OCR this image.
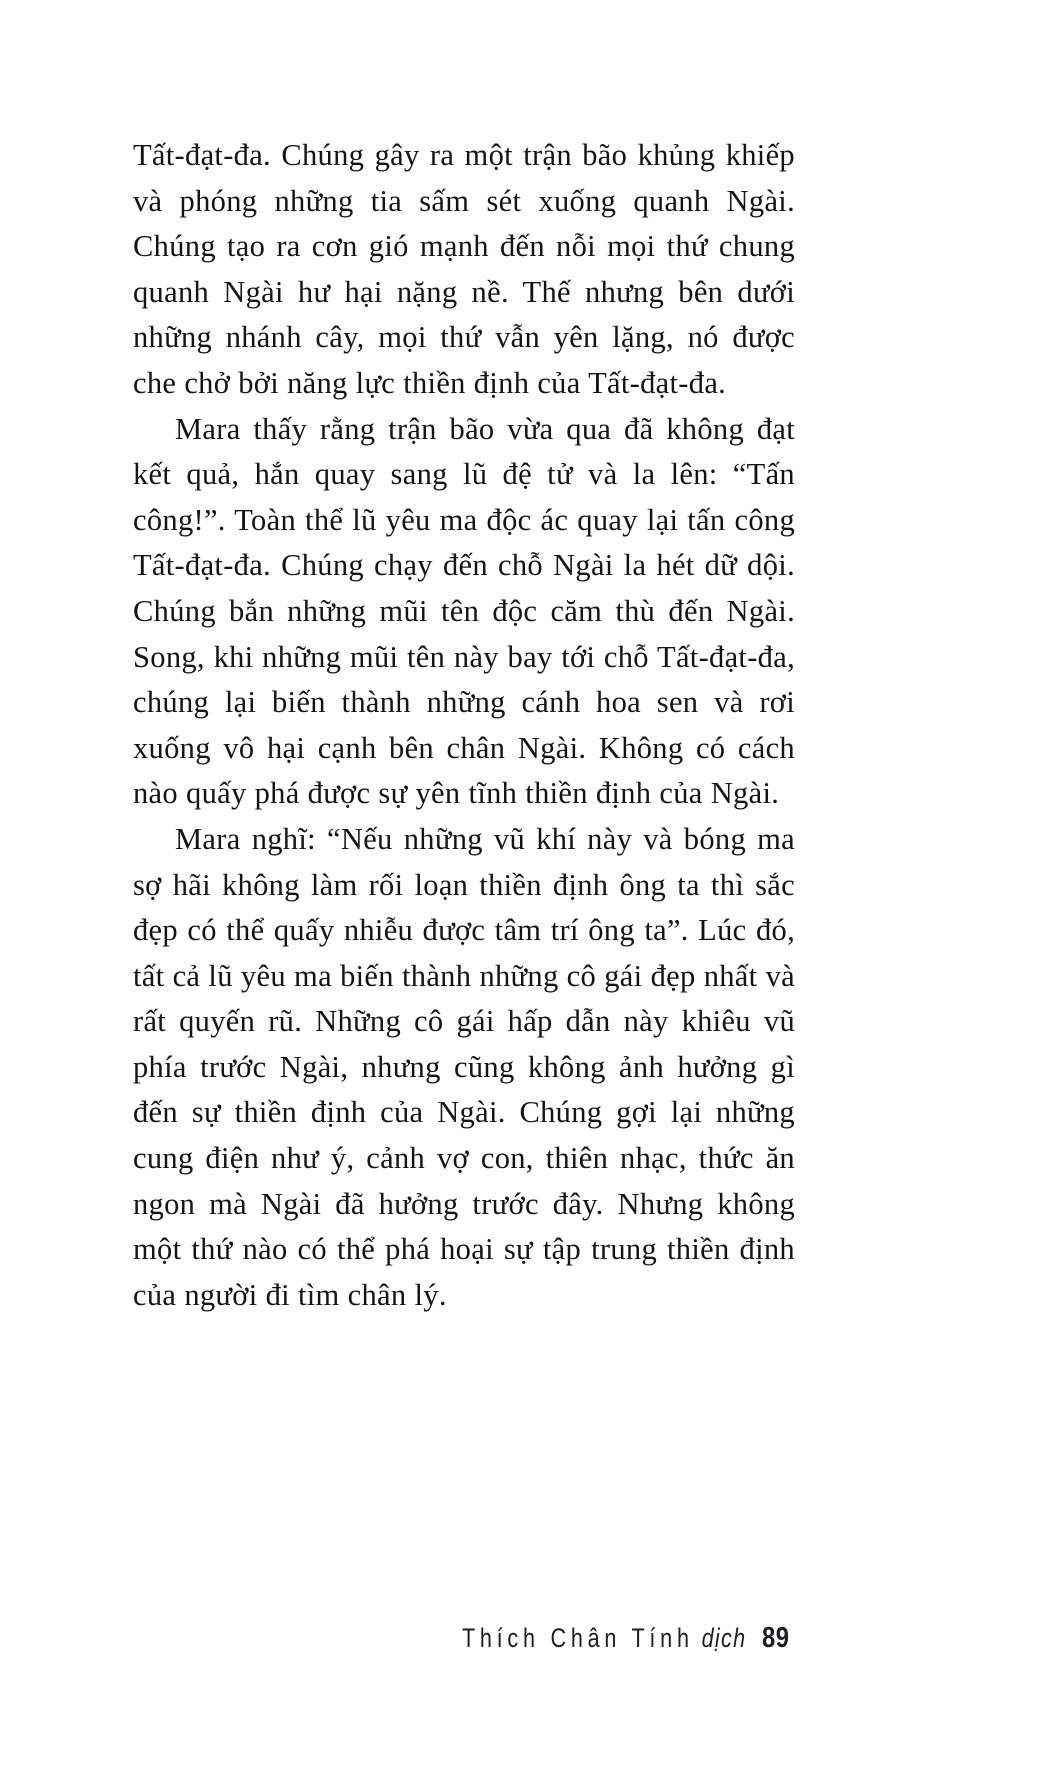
Tất-đạt-đa. Chúng gây ra một trận bão khủng khiếp và phóng những tia sấm sét xuống quanh Ngài. Chúng tạo ra cơn gió mạnh đến nỗi mọi thứ chung quanh Ngài hư hại nặng nề. Thế nhưng bên dưới những nhánh cây, mọi thứ vẫn yên lặng, nó được che chở bởi năng lực thiền định của Tất-đạt-đa.

Mara thấy rằng trận bão vừa qua đã không đạt kết quả, hắn quay sang lũ đệ tử và la lên: “Tấn công!”. Toàn thể lũ yêu ma độc ác quay lại tấn công Tất-đạt-đa. Chúng chạy đến chỗ Ngài la hét dữ dội. Chúng bắn những mũi tên độc căm thù đến Ngài. Song, khi những mũi tên này bay tới chỗ Tất-đạt-đa, chúng lại biến thành những cánh hoa sen và rơi xuống vô hại cạnh bên chân Ngài. Không có cách nào quấy phá được sự yên tĩnh thiền định của Ngài.

Mara nghĩ: “Nếu những vũ khí này và bóng ma sợ hãi không làm rối loạn thiền định ông ta thì sắc đẹp có thể quấy nhiễu được tâm trí ông ta”. Lúc đó, tất cả lũ yêu ma biến thành những cô gái đẹp nhất và rất quyến rũ. Những cô gái hấp dẫn này khiêu vũ phía trước Ngài, nhưng cũng không ảnh hưởng gì đến sự thiền định của Ngài. Chúng gợi lại những cung điện như ý, cảnh vợ con, thiên nhạc, thức ăn ngon mà Ngài đã hưởng trước đây. Nhưng không một thứ nào có thể phá hoại sự tập trung thiền định của người đi tìm chân lý.

Thích Chân Tính dịch 89
